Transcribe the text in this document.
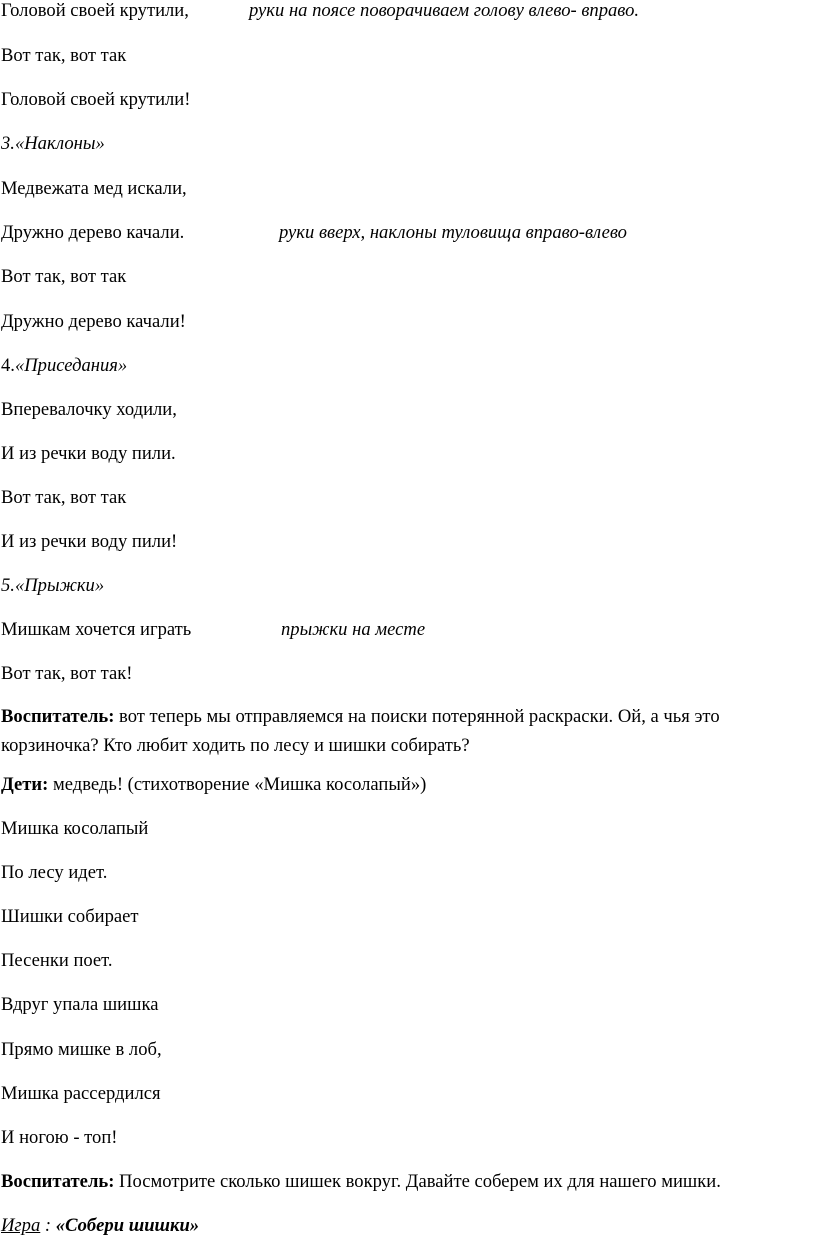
Головой своей крутили,	руки на поясе поворачиваем голову влево- вправо.
Вот так, вот так
Головой своей крутили!
3.«Наклоны»
Медвежата мед искали,
Дружно дерево качали.	руки вверх, наклоны туловища вправо-влево
Вот так, вот так
Дружно дерево качали!
4.«Приседания»
Вперевалочку ходили,
И из речки воду пили.
Вот так, вот так
И из речки воду пили!
5.«Прыжки»
Мишкам хочется играть	прыжки на месте
Вот так, вот так!
Воспитатель: вот теперь мы отправляемся на поиски потерянной раскраски. Ой, а чья это корзиночка? Кто любит ходить по лесу и шишки собирать?
Дети: медведь! (стихотворение «Мишка косолапый»)
Мишка косолапый
По лесу идет.
Шишки собирает
Песенки поет.
Вдруг упала шишка
Прямо мишке в лоб,
Мишка рассердился
И ногою - топ!
Воспитатель: Посмотрите сколько шишек вокруг. Давайте соберем их для нашего мишки.
Игра : «Собери шишки»
